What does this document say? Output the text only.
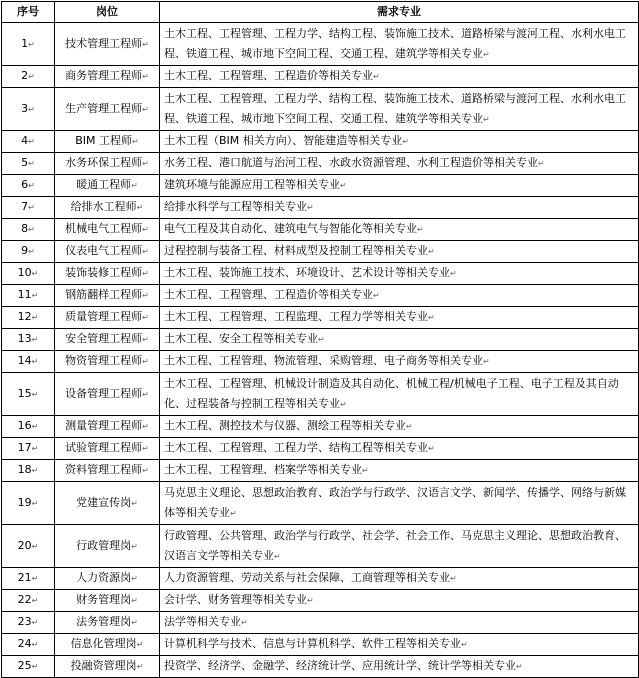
序号	岗位	需求专业
1↵	技术管理工程师↵	土木工程、工程管理、工程力学、结构工程、装饰施工技术、道路桥梁与渡河工程、水利水电工程、铁道工程、城市地下空间工程、交通工程、建筑学等相关专业↵
2↵	商务管理工程师↵	土木工程、工程管理、工程造价等相关专业↵
3↵	生产管理工程师↵	土木工程、工程管理、工程力学、结构工程、装饰施工技术、道路桥梁与渡河工程、水利水电工程、铁道工程、城市地下空间工程、交通工程、建筑学等相关专业↵
4↵	BIM 工程师↵	土木工程（BIM 相关方向）、智能建造等相关专业↵
5↵	水务环保工程师↵	水务工程、港口航道与治河工程、水政水资源管理、水利工程造价等相关专业↵
6↵	暖通工程师↵	建筑环境与能源应用工程等相关专业↵
7↵	给排水工程师↵	给排水科学与工程等相关专业↵
8↵	机械电气工程师↵	电气工程及其自动化、建筑电气与智能化等相关专业↵
9↵	仪表电气工程师↵	过程控制与装备工程、材料成型及控制工程等相关专业↵
10↵	装饰装修工程师↵	土木工程、装饰施工技术、环境设计、艺术设计等相关专业↵
11↵	钢筋翻样工程师↵	土木工程、工程管理、工程造价等相关专业↵
12↵	质量管理工程师↵	土木工程、工程管理、工程监理、工程力学等相关专业↵
13↵	安全管理工程师↵	土木工程、安全工程等相关专业↵
14↵	物资管理工程师↵	土木工程、工程管理、物流管理、采购管理、电子商务等相关专业↵
15↵	设备管理工程师↵	土木工程、工程管理、机械设计制造及其自动化、机械工程/机械电子工程、电子工程及其自动化、过程装备与控制工程等相关专业↵
16↵	测量管理工程师↵	土木工程、测控技术与仪器、测绘工程等相关专业↵
17↵	试验管理工程师↵	土木工程、工程管理、工程力学、结构工程等相关专业↵
18↵	资料管理工程师↵	土木工程、工程管理、档案学等相关专业↵
19↵	党建宣传岗↵	马克思主义理论、思想政治教育、政治学与行政学、汉语言文学、新闻学、传播学、网络与新媒体等相关专业↵
20↵	行政管理岗↵	行政管理、公共管理、政治学与行政学、社会学、社会工作、马克思主义理论、思想政治教育、汉语言文学等相关专业↵
21↵	人力资源岗↵	人力资源管理、劳动关系与社会保障、工商管理等相关专业↵
22↵	财务管理岗↵	会计学、财务管理等相关专业↵
23↵	法务管理岗↵	法学等相关专业↵
24↵	信息化管理岗↵	计算机科学与技术、信息与计算机科学、软件工程等相关专业↵
25↵	投融资管理岗↵	投资学、经济学、金融学、经济统计学、应用统计学、统计学等相关专业↵
